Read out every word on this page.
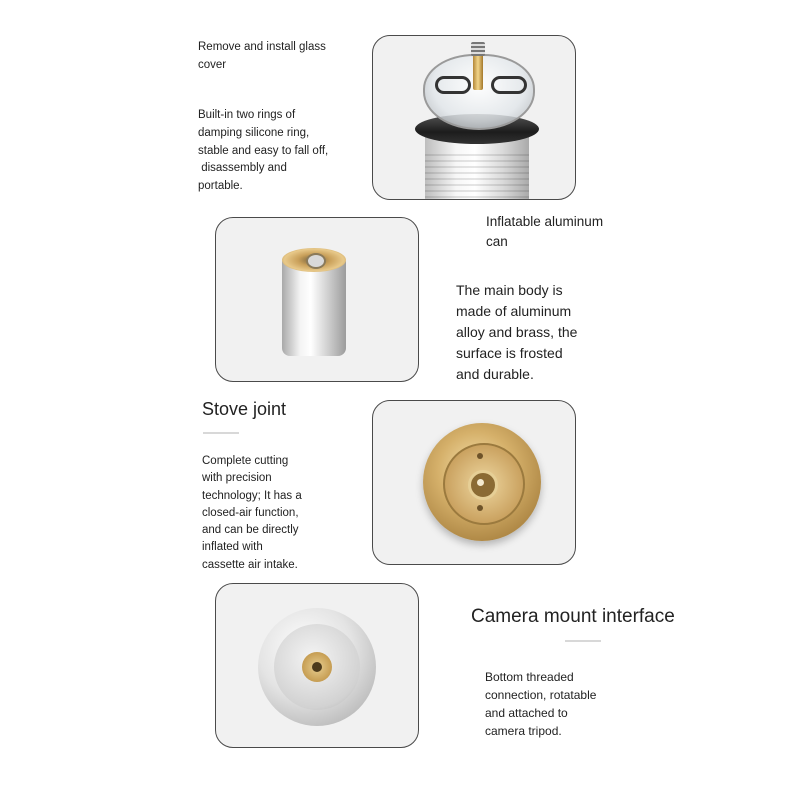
Remove and install glass
cover
Built-in two rings of
damping silicone ring,
stable and easy to fall off,
disassembly and
portable.
Inflatable aluminum
can
The main body is
made of aluminum
alloy and brass, the
surface is frosted
and durable.
Stove joint
Complete cutting
with precision
technology; It has a
closed-air function,
and can be directly
inflated with
cassette air intake.
Camera mount interface
Bottom threaded
connection, rotatable
and attached to
camera tripod.
